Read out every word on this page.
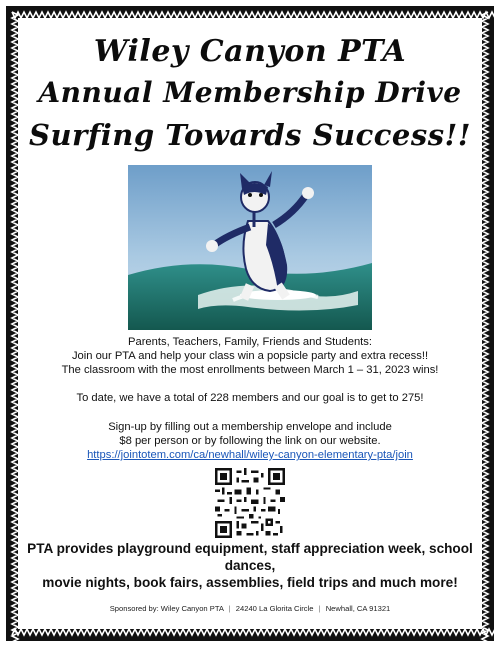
Wiley Canyon PTA
Annual Membership Drive
Surfing Towards Success!!
Parents, Teachers, Family, Friends and Students:
Join our PTA and help your class win a popsicle party and extra recess!!
The classroom with the most enrollments between March 1 – 31, 2023 wins!
To date, we have a total of 228 members and our goal is to get to 275!
Sign-up by filling out a membership envelope and include
$8 per person or by following the link on our website.
https://jointotem.com/ca/newhall/wiley-canyon-elementary-pta/join
PTA provides playground equipment, staff appreciation week, school dances,
movie nights, book fairs, assemblies, field trips and much more!
Sponsored by: Wiley Canyon PTA | 24240 La Glorita Circle | Newhall, CA 91321
